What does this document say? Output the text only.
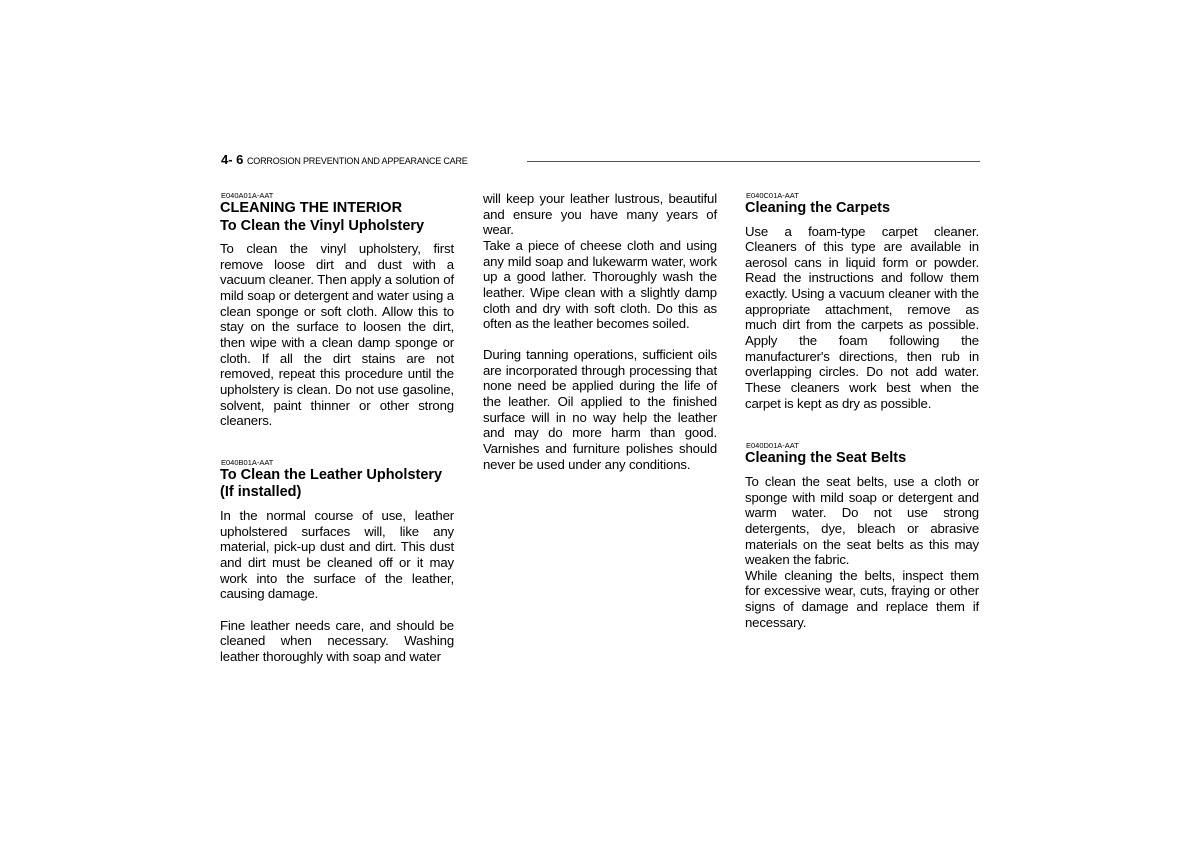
4- 6 CORROSION PREVENTION AND APPEARANCE CARE

E040A01A-AAT

CLEANING THE INTERIOR

To Clean the Vinyl Upholstery

To clean the vinyl upholstery, first remove loose dirt and dust with a vacuum cleaner. Then apply a solution of mild soap or detergent and water using a clean sponge or soft cloth. Allow this to stay on the surface to loosen the dirt, then wipe with a clean damp sponge or cloth. If all the dirt stains are not removed, repeat this procedure until the upholstery is clean. Do not use gasoline, solvent, paint thinner or other strong cleaners.

E040B01A-AAT

To Clean the Leather Upholstery

(If installed)

In the normal course of use, leather upholstered surfaces will, like any material, pick-up dust and dirt. This dust and dirt must be cleaned off or it may work into the surface of the leather, causing damage.

Fine leather needs care, and should be cleaned when necessary. Washing leather thoroughly with soap and water

will keep your leather lustrous, beautiful and ensure you have many years of wear.

Take a piece of cheese cloth and using any mild soap and lukewarm water, work up a good lather. Thoroughly wash the leather. Wipe clean with a slightly damp cloth and dry with soft cloth. Do this as often as the leather becomes soiled.

During tanning operations, sufficient oils are incorporated through processing that none need be applied during the life of the leather. Oil applied to the finished surface will in no way help the leather and may do more harm than good. Varnishes and furniture polishes should never be used under any conditions.

E040C01A-AAT

Cleaning the Carpets

Use a foam-type carpet cleaner. Cleaners of this type are available in aerosol cans in liquid form or powder. Read the instructions and follow them exactly. Using a vacuum cleaner with the appropriate attachment, remove as much dirt from the carpets as possible. Apply the foam following the manufacturer's directions, then rub in overlapping circles. Do not add water. These cleaners work best when the carpet is kept as dry as possible.

E040D01A-AAT

Cleaning the Seat Belts

To clean the seat belts, use a cloth or sponge with mild soap or detergent and warm water. Do not use strong detergents, dye, bleach or abrasive materials on the seat belts as this may weaken the fabric.

While cleaning the belts, inspect them for excessive wear, cuts, fraying or other signs of damage and replace them if necessary.
